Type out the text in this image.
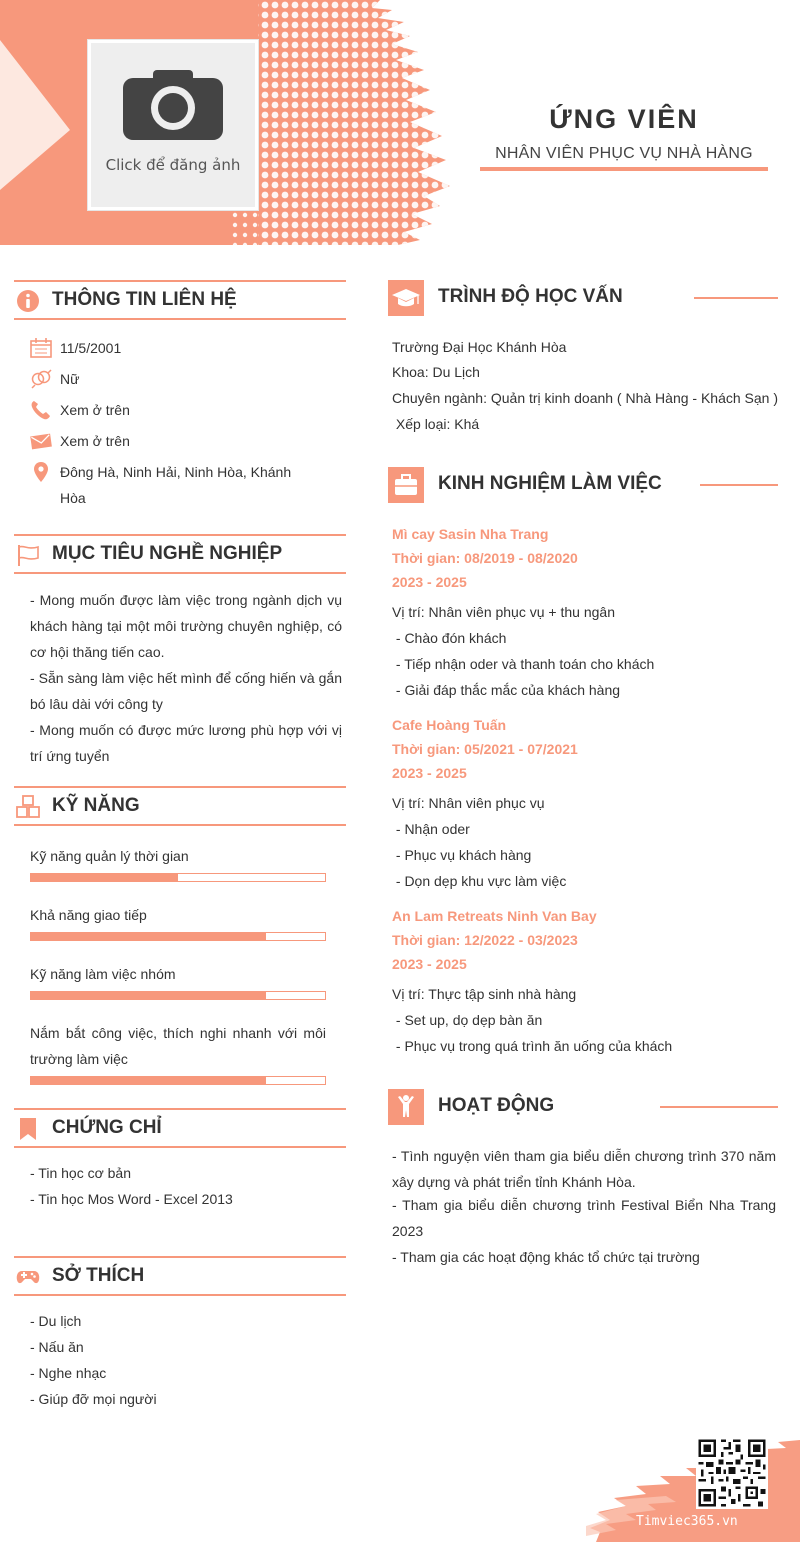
Click để đăng ảnh
ỨNG VIÊN
NHÂN VIÊN PHỤC VỤ NHÀ HÀNG
THÔNG TIN LIÊN HỆ
11/5/2001
Nữ
Xem ở trên
Xem ở trên
Đông Hà, Ninh Hải, Ninh Hòa, Khánh Hòa
MỤC TIÊU NGHỀ NGHIỆP
- Mong muốn được làm việc trong ngành dịch vụ khách hàng tại một môi trường chuyên nghiệp, có cơ hội thăng tiến cao.
- Sẵn sàng làm việc hết mình để cống hiến và gắn bó lâu dài với công ty
- Mong muốn có được mức lương phù hợp với vị trí ứng tuyển
KỸ NĂNG
Kỹ năng quản lý thời gian
Khả năng giao tiếp
Kỹ năng làm việc nhóm
Nắm bắt công việc, thích nghi nhanh với môi trường làm việc
CHỨNG CHỈ
- Tin học cơ bản
- Tin học Mos Word - Excel 2013
SỞ THÍCH
- Du lịch
- Nấu ăn
- Nghe nhạc
- Giúp đỡ mọi người
TRÌNH ĐỘ HỌC VẤN
Trường Đại Học Khánh Hòa
Khoa: Du Lịch
Chuyên ngành: Quản trị kinh doanh ( Nhà Hàng - Khách Sạn )
Xếp loại: Khá
KINH NGHIỆM LÀM VIỆC
Mì cay Sasin Nha Trang
Thời gian: 08/2019 - 08/2020
2023 - 2025
Vị trí: Nhân viên phục vụ + thu ngân
- Chào đón khách
- Tiếp nhận oder và thanh toán cho khách
- Giải đáp thắc mắc của khách hàng
Cafe Hoàng Tuấn
Thời gian: 05/2021 - 07/2021
2023 - 2025
Vị trí: Nhân viên phục vụ
- Nhận oder
- Phục vụ khách hàng
- Dọn dẹp khu vực làm việc
An Lam Retreats Ninh Van Bay
Thời gian: 12/2022 - 03/2023
2023 - 2025
Vị trí: Thực tập sinh nhà hàng
- Set up, dọ dẹp bàn ăn
- Phục vụ trong quá trình ăn uống của khách
HOẠT ĐỘNG
- Tình nguyện viên tham gia biểu diễn chương trình 370 năm xây dựng và phát triển tỉnh Khánh Hòa.
- Tham gia biểu diễn chương trình Festival Biển Nha Trang 2023
- Tham gia các hoạt động khác tổ chức tại trường
Timviec365.vn
